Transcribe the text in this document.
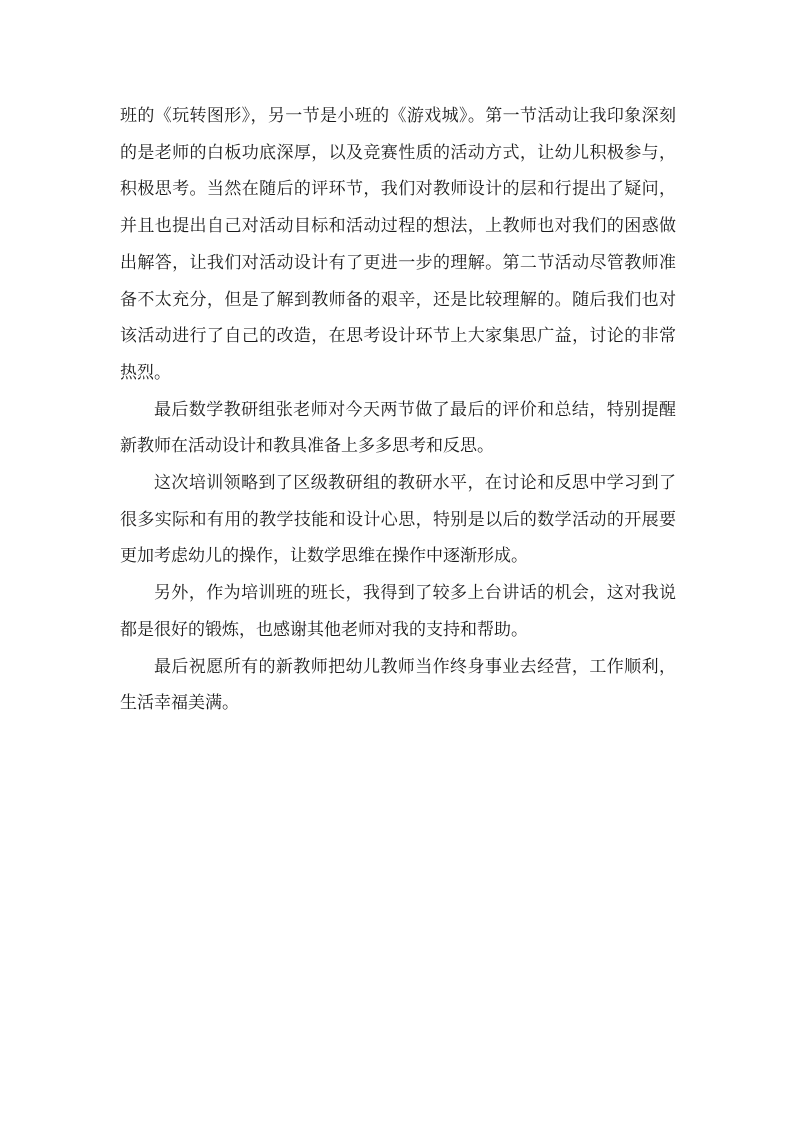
班的《玩转图形》，另一节是小班的《游戏城》。第一节活动让我印象深刻的是老师的白板功底深厚，以及竞赛性质的活动方式，让幼儿积极参与，积极思考。当然在随后的评环节，我们对教师设计的层和行提出了疑问，并且也提出自己对活动目标和活动过程的想法，上教师也对我们的困惑做出解答，让我们对活动设计有了更进一步的理解。第二节活动尽管教师准备不太充分，但是了解到教师备的艰辛，还是比较理解的。随后我们也对该活动进行了自己的改造，在思考设计环节上大家集思广益，讨论的非常热烈。

最后数学教研组张老师对今天两节做了最后的评价和总结，特别提醒新教师在活动设计和教具准备上多多思考和反思。

这次培训领略到了区级教研组的教研水平，在讨论和反思中学习到了很多实际和有用的教学技能和设计心思，特别是以后的数学活动的开展要更加考虑幼儿的操作，让数学思维在操作中逐渐形成。

另外，作为培训班的班长，我得到了较多上台讲话的机会，这对我说都是很好的锻炼，也感谢其他老师对我的支持和帮助。

最后祝愿所有的新教师把幼儿教师当作终身事业去经营，工作顺利，生活幸福美满。
